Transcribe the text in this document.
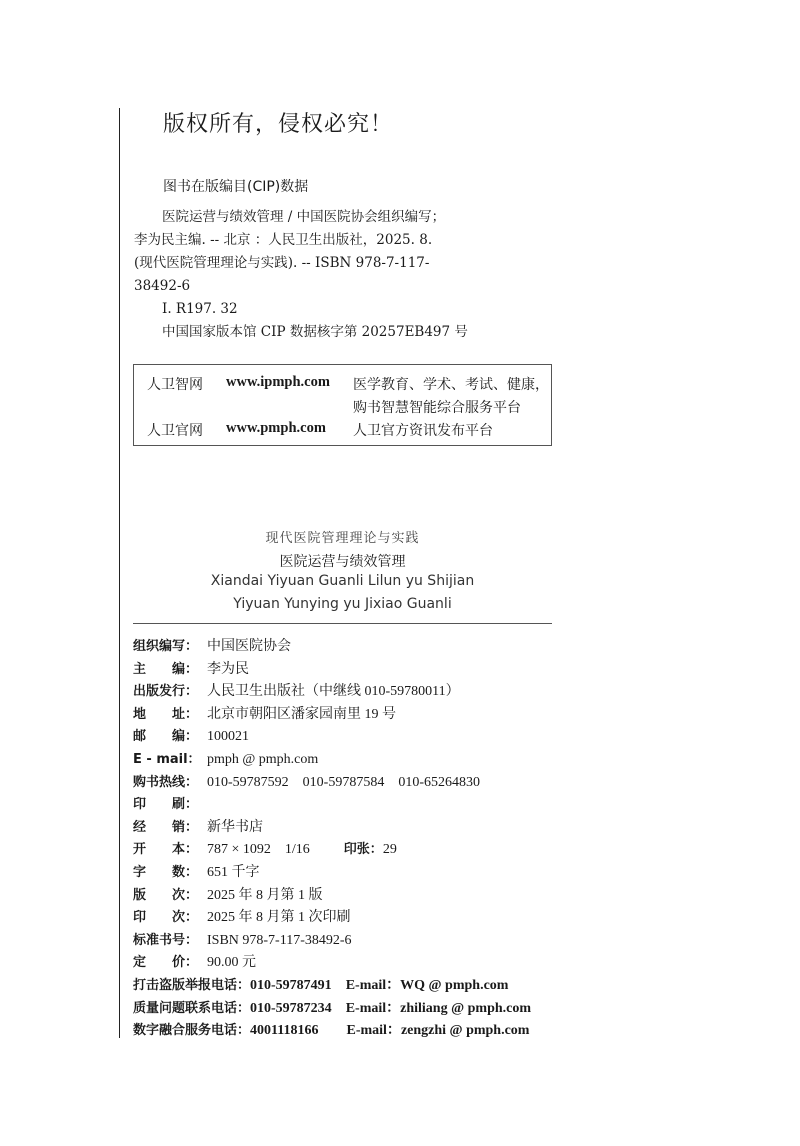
版权所有，侵权必究！
图书在版编目(CIP)数据
医院运营与绩效管理 / 中国医院协会组织编写；
李为民主编. -- 北京 ：人民卫生出版社，2025. 8.
(现代医院管理理论与实践). -- ISBN 978-7-117-
38492-6
Ⅰ. R197. 32
中国国家版本馆 CIP 数据核字第 20257EB497 号
人卫智网 www.ipmph.com 医学教育、学术、考试、健康，
购书智慧智能综合服务平台
人卫官网 www.pmph.com 人卫官方资讯发布平台
现代医院管理理论与实践
医院运营与绩效管理
Xiandai Yiyuan Guanli Lilun yu Shijian
Yiyuan Yunying yu Jixiao Guanli
组织编写： 中国医院协会
主　　编： 李为民
出版发行： 人民卫生出版社（中继线 010-59780011）
地　　址： 北京市朝阳区潘家园南里 19 号
邮　　编： 100021
E - mail： pmph @ pmph.com
购书热线： 010-59787592 010-59787584 010-65264830
印　　刷：
经　　销： 新华书店
开　　本： 787 × 1092　1/16	印张：29
字　　数： 651 千字
版　　次： 2025 年 8 月第 1 版
印　　次： 2025 年 8 月第 1 次印刷
标准书号： ISBN 978-7-117-38492-6
定　　价： 90.00 元
打击盗版举报电话：010-59787491 E-mail：WQ @ pmph.com
质量问题联系电话：010-59787234 E-mail：zhiliang @ pmph.com
数字融合服务电话：4001118166 E-mail：zengzhi @ pmph.com
